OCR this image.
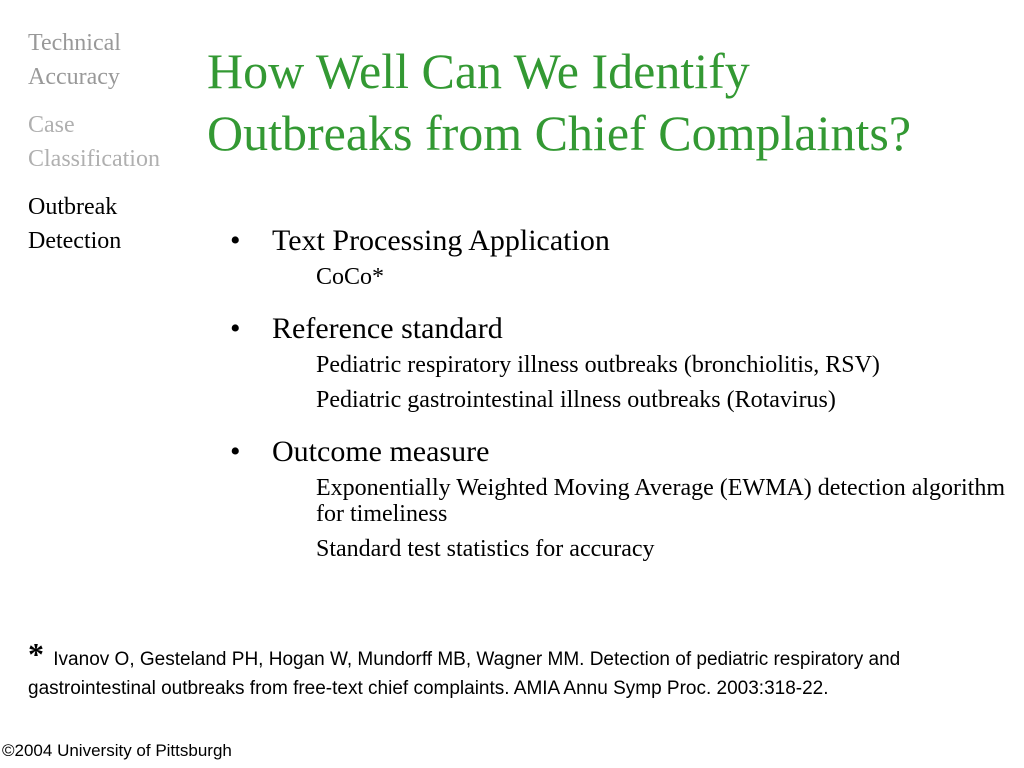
Technical
Accuracy
Case
Classification
Outbreak
Detection
How Well Can We Identify
Outbreaks from Chief Complaints?
• Text Processing Application
CoCo*
• Reference standard
Pediatric respiratory illness outbreaks (bronchiolitis, RSV)
Pediatric gastrointestinal illness outbreaks (Rotavirus)
• Outcome measure
Exponentially Weighted Moving Average (EWMA) detection algorithm for timeliness
Standard test statistics for accuracy
* Ivanov O, Gesteland PH, Hogan W, Mundorff MB, Wagner MM. Detection of pediatric respiratory and gastrointestinal outbreaks from free-text chief complaints. AMIA Annu Symp Proc. 2003:318-22.
©2004 University of Pittsburgh
